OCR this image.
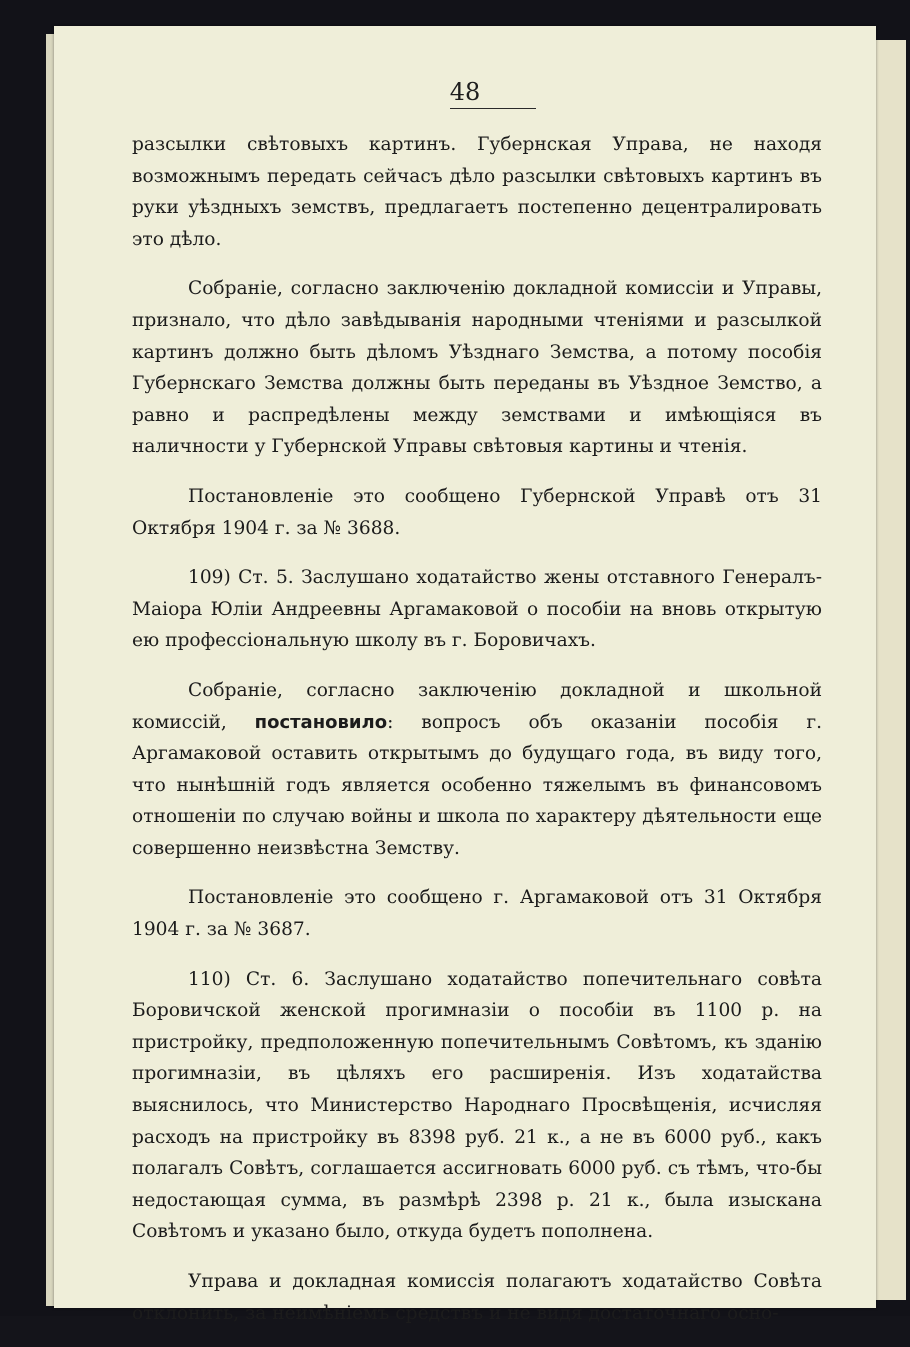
48

разсылки свѣтовыхъ картинъ. Губернская Управа, не находя возможнымъ передать сейчасъ дѣло разсылки свѣтовыхъ картинъ въ руки уѣздныхъ земствъ, предлагаетъ постепенно децентралировать это дѣло.

Собраніе, согласно заключенію докладной комиссіи и Управы, признало, что дѣло завѣдыванія народными чтеніями и разсылкой картинъ должно быть дѣломъ Уѣзднаго Земства, а потому пособія Губернскаго Земства должны быть переданы въ Уѣздное Земство, а равно и распредѣлены между земствами и имѣющіяся въ наличности у Губернской Управы свѣтовыя картины и чтенія.

Постановленіе это сообщено Губернской Управѣ отъ 31 Октября 1904 г. за № 3688.

109) Ст. 5. Заслушано ходатайство жены отставного Генералъ-Маіора Юліи Андреевны Аргамаковой о пособіи на вновь открытую ею профессіональную школу въ г. Боровичахъ.

Собраніе, согласно заключенію докладной и школьной комиссій, постановило: вопросъ объ оказаніи пособія г. Аргамаковой оставить открытымъ до будущаго года, въ виду того, что нынѣшній годъ является особенно тяжелымъ въ финансовомъ отношеніи по случаю войны и школа по характеру дѣятельности еще совершенно неизвѣстна Земству.

Постановленіе это сообщено г. Аргамаковой отъ 31 Октября 1904 г. за № 3687.

110) Ст. 6. Заслушано ходатайство попечительнаго совѣта Боровичской женской прогимназіи о пособіи въ 1100 р. на пристройку, предположенную попечительнымъ Совѣтомъ, къ зданію прогимназіи, въ цѣляхъ его расширенія. Изъ ходатайства выяснилось, что Министерство Народнаго Просвѣщенія, исчисляя расходъ на пристройку въ 8398 руб. 21 к., а не въ 6000 руб., какъ полагалъ Совѣтъ, соглашается ассигновать 6000 руб. съ тѣмъ, что-бы недостающая сумма, въ размѣрѣ 2398 р. 21 к., была изыскана Совѣтомъ и указано было, откуда будетъ пополнена.

Управа и докладная комиссія полагаютъ ходатайство Совѣта отклонить, за неимѣніемъ средствъ и не видя достаточнаго осно-
